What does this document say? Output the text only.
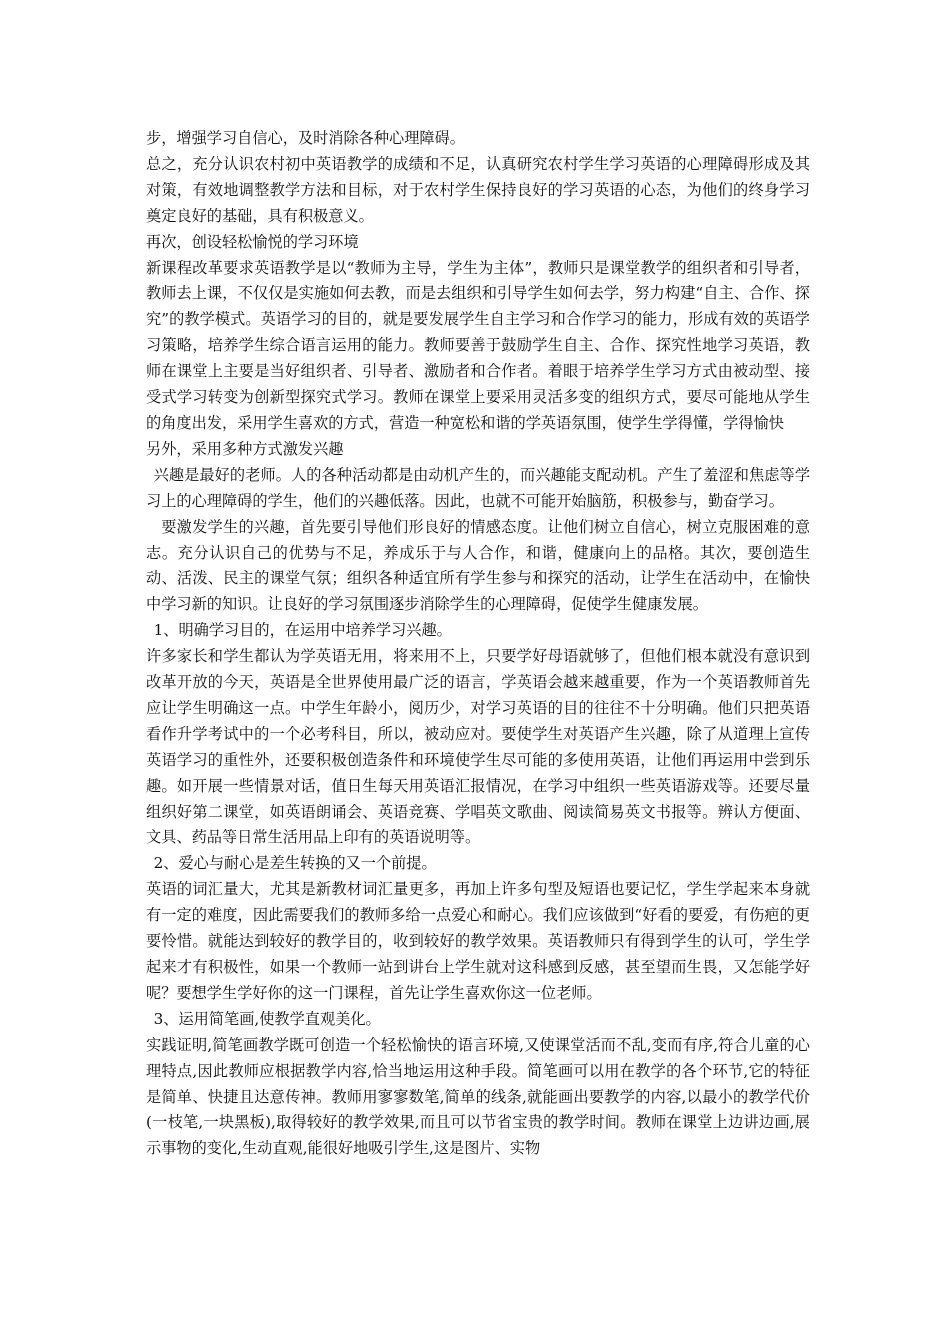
步，增强学习自信心，及时消除各种心理障碍。

总之，充分认识农村初中英语教学的成绩和不足，认真研究农村学生学习英语的心理障碍形成及其对策，有效地调整教学方法和目标，对于农村学生保持良好的学习英语的心态，为他们的终身学习奠定良好的基础，具有积极意义。

再次，创设轻松愉悦的学习环境

新课程改革要求英语教学是以“教师为主导，学生为主体”，教师只是课堂教学的组织者和引导者，教师去上课，不仅仅是实施如何去教，而是去组织和引导学生如何去学，努力构建“自主、合作、探究”的教学模式。英语学习的目的，就是要发展学生自主学习和合作学习的能力，形成有效的英语学习策略，培养学生综合语言运用的能力。教师要善于鼓励学生自主、合作、探究性地学习英语，教师在课堂上主要是当好组织者、引导者、激励者和合作者。着眼于培养学生学习方式由被动型、接受式学习转变为创新型探究式学习。教师在课堂上要采用灵活多变的组织方式，要尽可能地从学生的角度出发，采用学生喜欢的方式，营造一种宽松和谐的学英语氛围，使学生学得懂，学得愉快

另外，采用多种方式激发兴趣

兴趣是最好的老师。人的各种活动都是由动机产生的，而兴趣能支配动机。产生了羞涩和焦虑等学习上的心理障碍的学生，他们的兴趣低落。因此，也就不可能开始脑筋，积极参与，勤奋学习。

要激发学生的兴趣，首先要引导他们形良好的情感态度。让他们树立自信心，树立克服困难的意志。充分认识自己的优势与不足，养成乐于与人合作，和谐，健康向上的品格。其次，要创造生动、活泼、民主的课堂气氛；组织各种适宜所有学生参与和探究的活动，让学生在活动中，在愉快中学习新的知识。让良好的学习氛围逐步消除学生的心理障碍，促使学生健康发展。

1、明确学习目的，在运用中培养学习兴趣。

许多家长和学生都认为学英语无用，将来用不上，只要学好母语就够了，但他们根本就没有意识到改革开放的今天，英语是全世界使用最广泛的语言，学英语会越来越重要，作为一个英语教师首先应让学生明确这一点。中学生年龄小，阅历少，对学习英语的目的往往不十分明确。他们只把英语看作升学考试中的一个必考科目，所以，被动应对。要使学生对英语产生兴趣，除了从道理上宣传英语学习的重性外，还要积极创造条件和环境使学生尽可能的多使用英语，让他们再运用中尝到乐趣。如开展一些情景对话，值日生每天用英语汇报情况，在学习中组织一些英语游戏等。还要尽量组织好第二课堂，如英语朗诵会、英语竞赛、学唱英文歌曲、阅读简易英文书报等。辨认方便面、文具、药品等日常生活用品上印有的英语说明等。

2、爱心与耐心是差生转换的又一个前提。

英语的词汇量大，尤其是新教材词汇量更多，再加上许多句型及短语也要记忆，学生学起来本身就有一定的难度，因此需要我们的教师多给一点爱心和耐心。我们应该做到“好看的要爱，有伤疤的更要怜惜。就能达到较好的教学目的，收到较好的教学效果。英语教师只有得到学生的认可，学生学起来才有积极性，如果一个教师一站到讲台上学生就对这科感到反感，甚至望而生畏，又怎能学好呢？要想学生学好你的这一门课程，首先让学生喜欢你这一位老师。

3、运用简笔画,使教学直观美化。

实践证明,简笔画教学既可创造一个轻松愉快的语言环境,又使课堂活而不乱,变而有序,符合儿童的心理特点,因此教师应根据教学内容,恰当地运用这种手段。简笔画可以用在教学的各个环节,它的特征是简单、快捷且达意传神。教师用寥寥数笔,简单的线条,就能画出要教学的内容,以最小的教学代价(一枝笔,一块黑板),取得较好的教学效果,而且可以节省宝贵的教学时间。教师在课堂上边讲边画,展示事物的变化,生动直观,能很好地吸引学生,这是图片、实物
